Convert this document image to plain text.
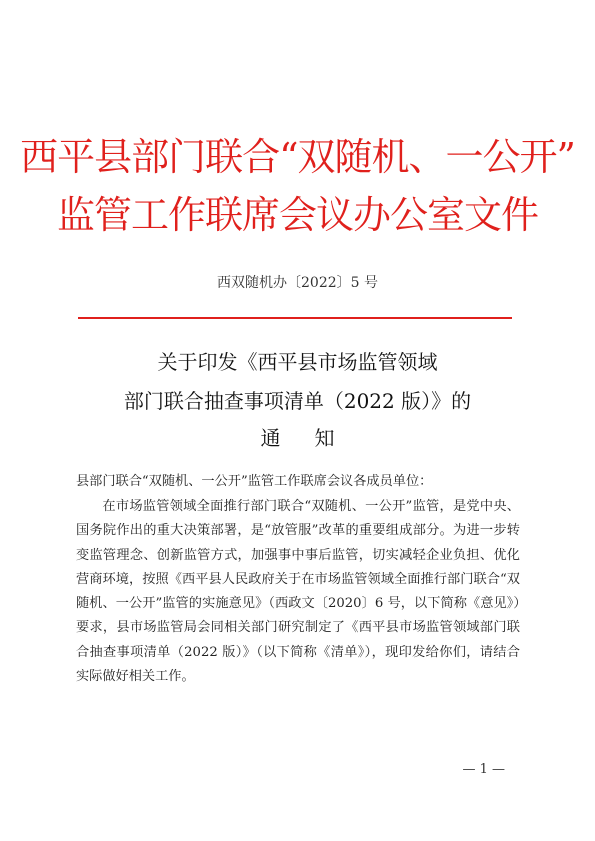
西平县部门联合“双随机、一公开”
监管工作联席会议办公室文件
西双随机办〔2022〕5 号
关于印发《西平县市场监管领域
部门联合抽查事项清单（2022 版）》的
通知
县部门联合“双随机、一公开”监管工作联席会议各成员单位：
在市场监管领域全面推行部门联合“双随机、一公开”监管，是党中央、国务院作出的重大决策部署，是“放管服”改革的重要组成部分。为进一步转变监管理念、创新监管方式，加强事中事后监管，切实减轻企业负担、优化营商环境，按照《西平县人民政府关于在市场监管领域全面推行部门联合“双随机、一公开”监管的实施意见》（西政文〔2020〕6 号，以下简称《意见》）要求，县市场监管局会同相关部门研究制定了《西平县市场监管领域部门联合抽查事项清单（2022 版）》（以下简称《清单》），现印发给你们，请结合实际做好相关工作。
— 1 —
